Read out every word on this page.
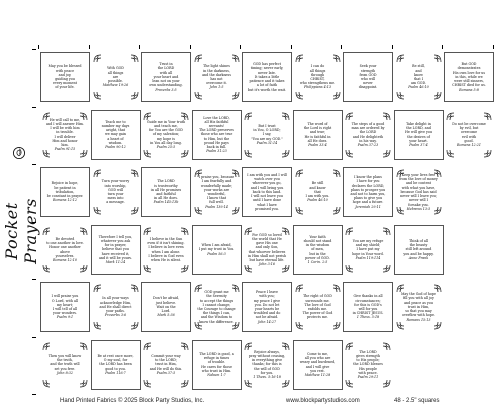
Pocket Prayers
May you be blessed
with peace
and joy,
guiding you
every moment
of your life.
With GOD
all things
are
possible.
Matthew 19:26
Trust in
the LORD
with all
your heart and
lean not on your
own understanding.
Proverbs 3:5
The light shines
in the darkness,
and the darkness
has not
overcome it.
John 1:5
GOD has perfect
timing; never early,
never late.
It takes a little
patience and it takes
a lot of faith
but it's worth the wait.
I can do
all things
through
CHRIST,
who strengthens me.
Philippians 4:13
Seek your
strength
from GOD
who will
never
disappoint.
Be still,
and
know
that I
am GOD.
Psalm 46:10
But GOD
demonstrates
His own love for us
in this, while we
were still sinners,
CHRIST died for us.
Romans 5:8
He will call to me,
and I will answer Him.
I will be with him
in trouble.
I will deliver
Him and honor
him.
Psalm 91:15
Teach me to
number my days
aright, that
we may gain
a heart of
wisdom.
Psalm 90:12
Guide me in Your truth
and teach me,
for You are the GOD
of my salvation;
my hope is
in You all day long.
Psalm 25:5
Love the LORD,
all His faithful
servants!
The LORD preserves
those who are true
to Him, but the
proud He pays
back in full.
Psalm 31:23
But I trust
in You, O LORD;
I say,
"You are my GOD."
Psalm 31:14
The word of
the Lord is right
and true;
He is faithful in
all He does.
Psalm 33:4
The steps of a good
man are ordered by
the LORD
and He delighteth
in his way.
Psalm 37:23
Take delight in
the LORD, and
He will give you
the desires of
your heart.
Psalm 37:4
Do not be overcome
by evil, but
overcome
evil with
good.
Romans 12:21
Rejoice in hope,
be patient in tribulation,
be constant in prayer.
Romans 12:12
Turn your worry
into worship,
GOD will
turn your
mess into
a message.
The LORD
is trustworthy
in all He promises
and faithful
in all He does.
Psalm 145:13b
I praise you, because
I am fearfully and
wonderfully made;
your works are
wonderful,
I know that
full well.
Psalm 139:14
I am with you and I will
watch over you
wherever you go,
and I will bring you
back to this land.
I will not leave you
until I have done
what I have
promised you.
Be still
and know
that
I am with you.
Psalm 46:10
I know the plans
I have for you
declares the LORD,
plans to prosper you
and not to harm you,
plans to give you
hope and a future.
Jeremiah 29:11
Keep your lives free
from the love of money
and be content
with what you have,
because God has said
never will I leave you;
never will I
forsake you.
Hebrews 13:5
Be devoted
to one another in love.
Honor one another
above
yourselves.
Romans 12:10
Therefore I tell you,
whatever you ask
for in prayer,
believe that you
have received it,
and it will be yours.
Mark 11:24
I believe in the Sun
even if it isn't shining.
I believe in love even
when I am alone.
I believe in God even
when He is silent.
When I am afraid,
I put my trust in You.
Psalm 56:3
For GOD so loved
the world that He
gave His one
and only Son,
that whoever believes
in Him shall not perish
but have eternal life.
John 3:16
Your faith
should not stand
in the wisdom
of men,
but in the
power of GOD.
1 Corin. 2:5
You are my refuge
and my shield;
I have put my
hope in Your word.
Psalm 119:114
Think of all
the beauty
still left around
you and be happy.
Anne Frank
I will praise you
O Lord, with all
my heart;
I will tell of all
your wonders.
Psalm 9:1
In all your ways
acknowledge Him,
and He shall direct
your paths.
Proverbs 3:6
Don't be afraid,
just believe.
Wait on the
Lord.
Mark 5:36
GOD grant me
the Serenity
to accept the things
I cannot change,
the Courage to change
the things I can,
and the Wisdom to
know the difference.
Peace I leave
with you;
my peace I give
you. Do not let
your hearts be
troubled and do
not be afraid.
John 14:27
The right of GOD
surrounds me.
The love of God
enfolds me.
The power of God
protects me.
Give thanks in all
circumstances;
for this is GOD's
will for you
in CHRIST JESUS.
1 Thess. 5:18
May the God of hope
fill you with all joy
and peace as you
trust in Him,
so that you may
overflow with hope.
Romans 15:13
Then you will know
the truth,
and the truth will
set you free.
John 8:32
Be at rest once more,
O my soul, for
the LORD has been
good to you.
Psalm 116:7
Commit your way
to the LORD;
trust in Him,
and He will do this.
Psalm 37:5
The LORD is good, a
refuge in times
of trouble.
He cares for those
who trust in Him.
Nahum 1:7
Rejoice always,
pray without ceasing,
in everything give
thanks; for this is
the will of GOD
for you.
1 Thess. 5:16-18
Come to me,
all you who are
weary and burdened,
and I will give
you rest.
Matthew 11:28
The LORD
gives strength
to His people;
the LORD blesses
His people
with peace.
Psalm 29:11
Hand Printed Fabrics © 2025 Block Party Studios, Inc.	www.blockpartystudios.com	48 - 2.5" squares
